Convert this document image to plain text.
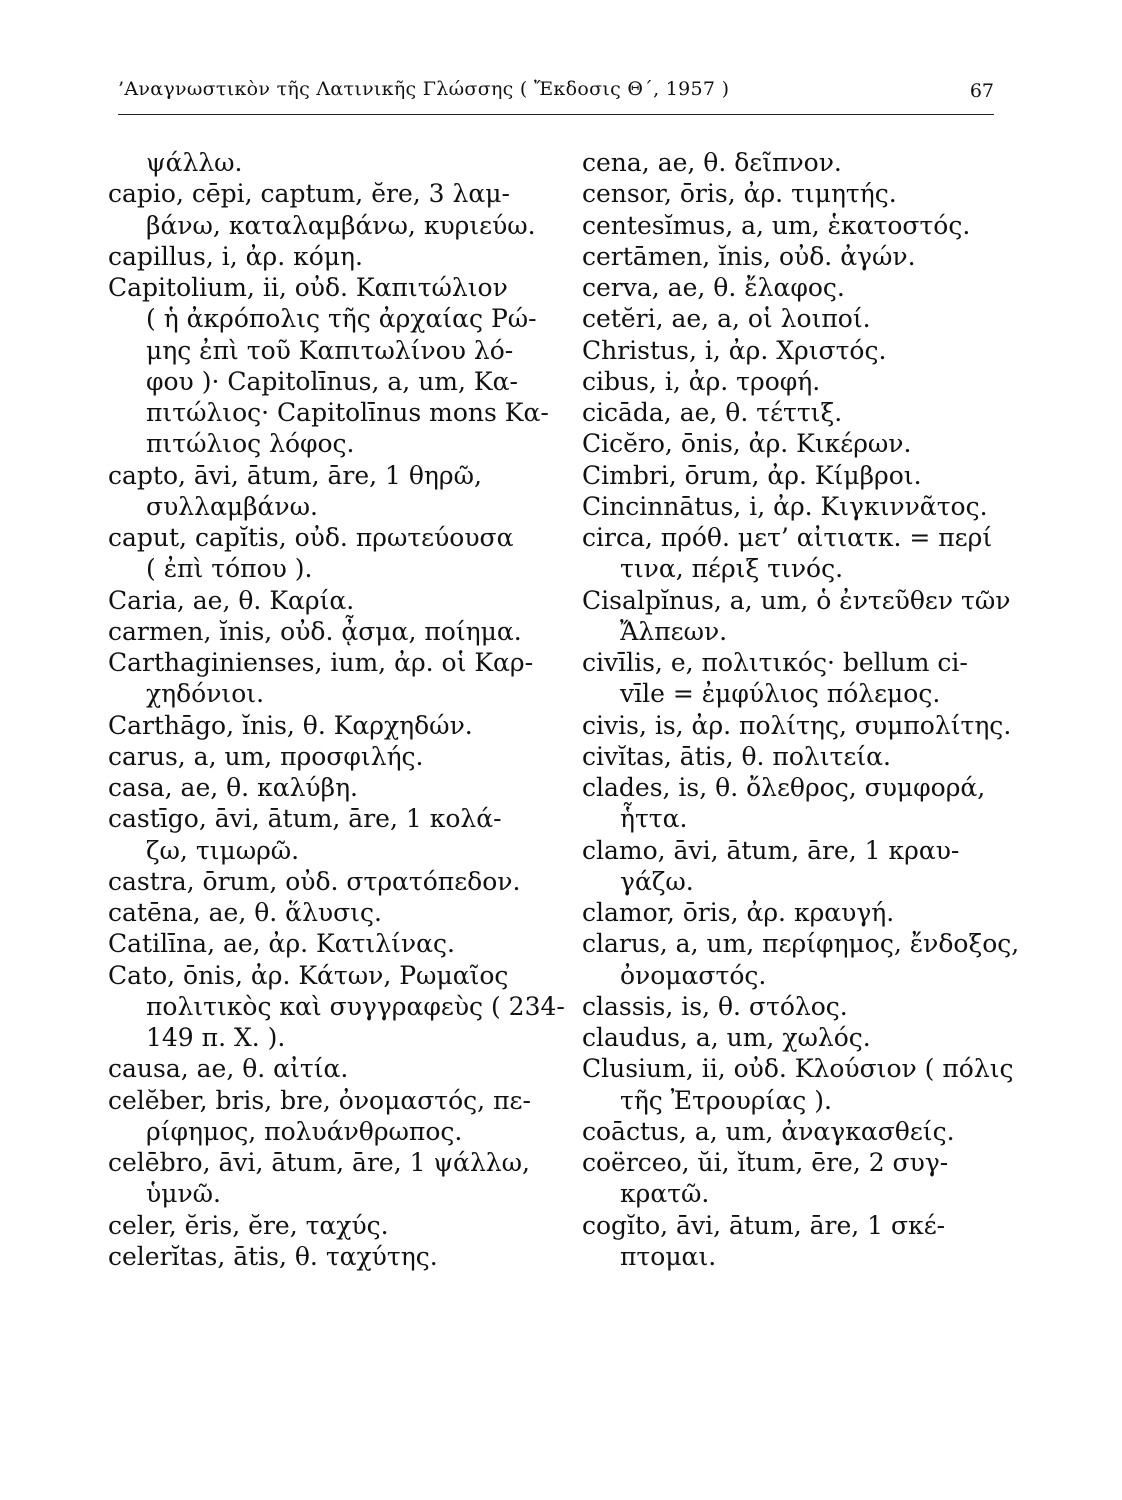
’Αναγνωστικὸν τῆς Λατινικῆς Γλώσσης ( Ἔκδοσις Θ΄, 1957 )	67
ψάλλω.
capio, cēpi, captum, ĕre, 3 λαμ-
βάνω, καταλαμβάνω, κυριεύω.
capillus, i, ἀρ. κόμη.
Capitolium, ii, οὐδ. Καπιτώλιον
( ἡ ἀκρόπολις τῆς ἀρχαίας Ρώ-
μης ἐπὶ τοῦ Καπιτωλίνου λό-
φου )· Capitolīnus, a, um, Κα-
πιτώλιος· Capitolīnus mons Κα-
πιτώλιος λόφος.
capto, āvi, ātum, āre, 1 θηρῶ,
συλλαμβάνω.
caput, capĭtis, οὐδ. πρωτεύουσα
( ἐπὶ τόπου ).
Caria, ae, θ. Καρία.
carmen, ĭnis, οὐδ. ᾆσμα, ποίημα.
Carthaginienses, ium, ἀρ. οἱ Καρ-
χηδόνιοι.
Carthāgo, ĭnis, θ. Καρχηδών.
carus, a, um, προσφιλής.
casa, ae, θ. καλύβη.
castīgo, āvi, ātum, āre, 1 κολά-
ζω, τιμωρῶ.
castra, ōrum, οὐδ. στρατόπεδον.
catēna, ae, θ. ἅλυσις.
Catilīna, ae, ἀρ. Κατιλίνας.
Cato, ōnis, ἀρ. Κάτων, Ρωμαῖος
πολιτικὸς καὶ συγγραφεὺς ( 234-
149 π. Χ. ).
causa, ae, θ. αἰτία.
celĕber, bris, bre, ὀνομαστός, πε-
ρίφημος, πολυάνθρωπος.
celēbro, āvi, ātum, āre, 1 ψάλλω,
ὑμνῶ.
celer, ĕris, ĕre, ταχύς.
celerĭtas, ātis, θ. ταχύτης.
cena, ae, θ. δεῖπνον.
censor, ōris, ἀρ. τιμητής.
centesĭmus, a, um, ἑκατοστός.
certāmen, ĭnis, οὐδ. ἀγών.
cerva, ae, θ. ἔλαφος.
cetĕri, ae, a, οἱ λοιποί.
Christus, i, ἀρ. Χριστός.
cibus, i, ἀρ. τροφή.
cicāda, ae, θ. τέττιξ.
Cicĕro, ōnis, ἀρ. Κικέρων.
Cimbri, ōrum, ἀρ. Κίμβροι.
Cincinnātus, i, ἀρ. Κιγκιννᾶτος.
circa, πρόθ. μετ’ αἰτιατκ. = περί
τινα, πέριξ τινός.
Cisalpĭnus, a, um, ὁ ἐντεῦθεν τῶν
Ἄλπεων.
civīlis, e, πολιτικός· bellum ci-
vīle = ἐμφύλιος πόλεμος.
civis, is, ἀρ. πολίτης, συμπολίτης.
civĭtas, ātis, θ. πολιτεία.
clades, is, θ. ὄλεθρος, συμφορά,
ἧττα.
clamo, āvi, ātum, āre, 1 κραυ-
γάζω.
clamor, ōris, ἀρ. κραυγή.
clarus, a, um, περίφημος, ἔνδοξος,
ὀνομαστός.
classis, is, θ. στόλος.
claudus, a, um, χωλός.
Clusium, ii, οὐδ. Κλούσιον ( πόλις
τῆς Ἐτρουρίας ).
coāctus, a, um, ἀναγκασθείς.
coërceo, ŭi, ĭtum, ēre, 2 συγ-
κρατῶ.
cogĭto, āvi, ātum, āre, 1 σκέ-
πτομαι.
